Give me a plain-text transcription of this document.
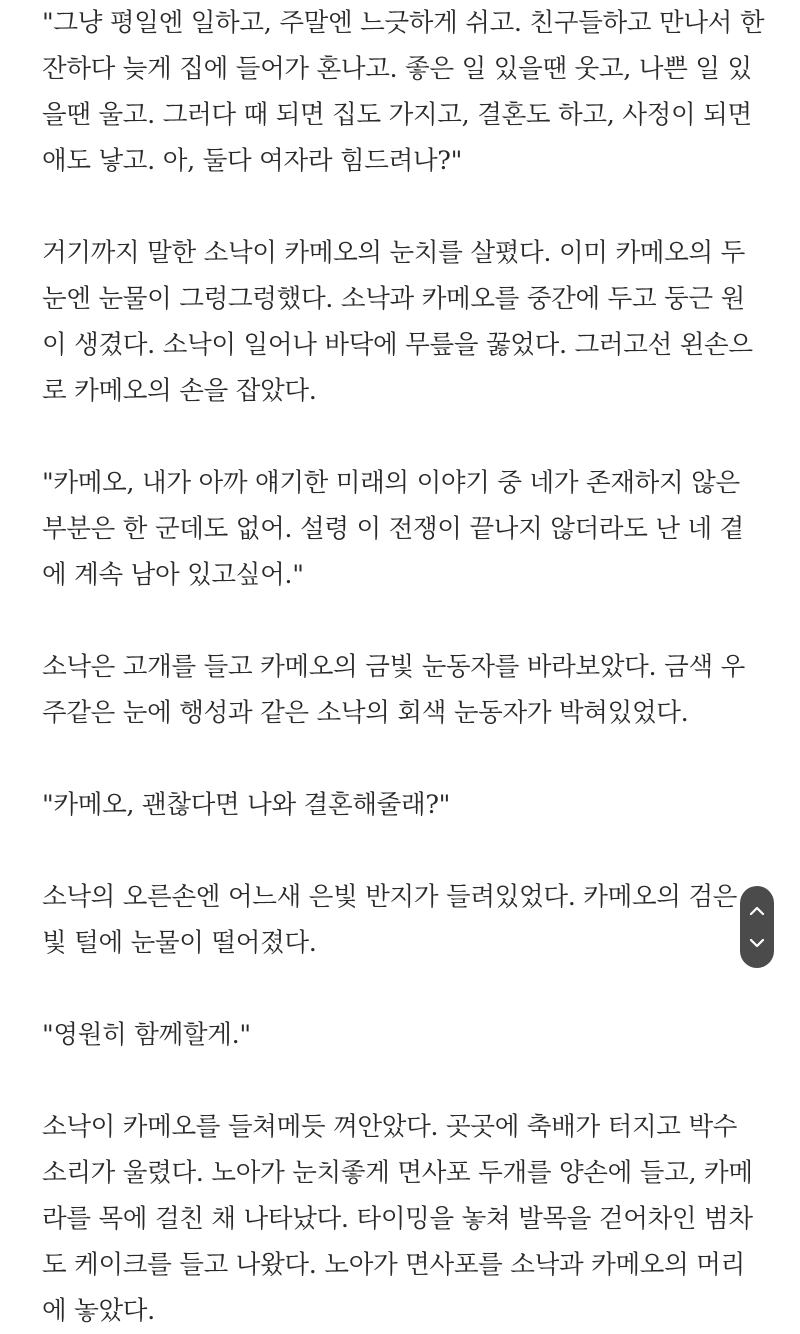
"그냥 평일엔 일하고, 주말엔 느긋하게 쉬고. 친구들하고 만나서 한
잔하다 늦게 집에 들어가 혼나고. 좋은 일 있을땐 웃고, 나쁜 일 있
을땐 울고. 그러다 때 되면 집도 가지고, 결혼도 하고, 사정이 되면
애도 낳고. 아, 둘다 여자라 힘드려나?"
거기까지 말한 소낙이 카메오의 눈치를 살폈다. 이미 카메오의 두
눈엔 눈물이 그렁그렁했다. 소낙과 카메오를 중간에 두고 둥근 원
이 생겼다. 소낙이 일어나 바닥에 무릎을 꿇었다. 그러고선 왼손으
로 카메오의 손을 잡았다.
"카메오, 내가 아까 얘기한 미래의 이야기 중 네가 존재하지 않은
부분은 한 군데도 없어. 설령 이 전쟁이 끝나지 않더라도 난 네 곁
에 계속 남아 있고싶어."
소낙은 고개를 들고 카메오의 금빛 눈동자를 바라보았다. 금색 우
주같은 눈에 행성과 같은 소낙의 회색 눈동자가 박혀있었다.
"카메오, 괜찮다면 나와 결혼해줄래?"
소낙의 오른손엔 어느새 은빛 반지가 들려있었다. 카메오의 검은
빛 털에 눈물이 떨어졌다.
"영원히 함께할게."
소낙이 카메오를 들쳐메듯 껴안았다. 곳곳에 축배가 터지고 박수
소리가 울렸다. 노아가 눈치좋게 면사포 두개를 양손에 들고, 카메
라를 목에 걸친 채 나타났다. 타이밍을 놓쳐 발목을 걷어차인 범차
도 케이크를 들고 나왔다. 노아가 면사포를 소낙과 카메오의 머리
에 놓았다.
